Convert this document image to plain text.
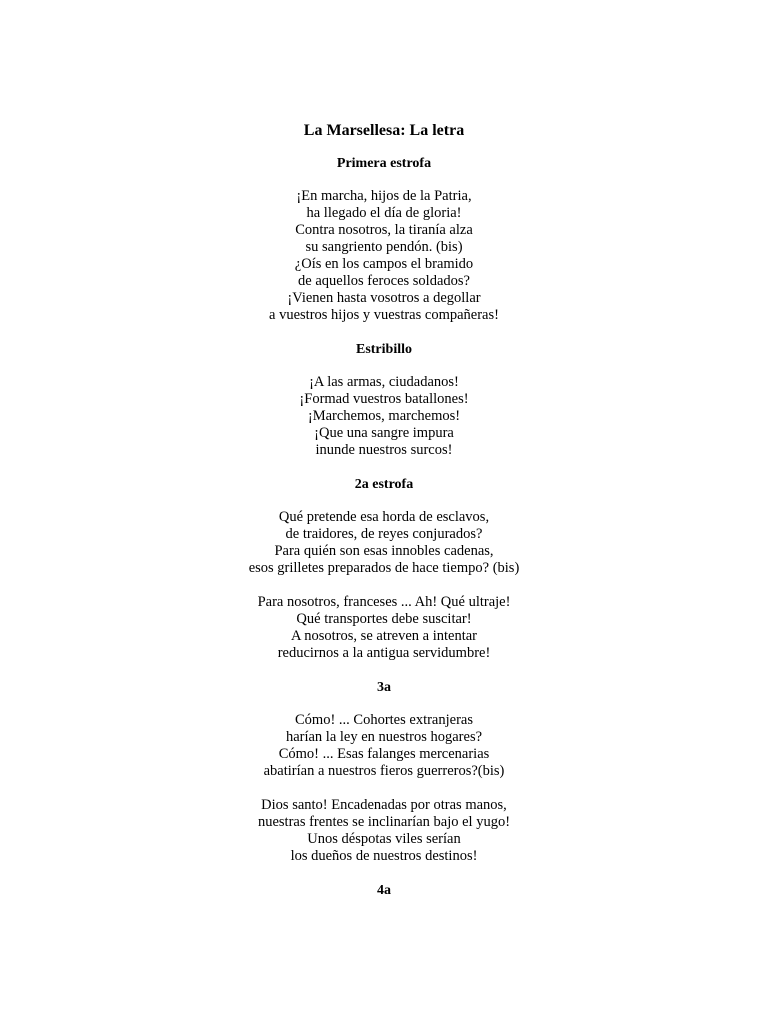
La Marsellesa: La letra
Primera estrofa
¡En marcha, hijos de la Patria,
ha llegado el día de gloria!
Contra nosotros, la tiranía alza
su sangriento pendón. (bis)
¿Oís en los campos el bramido
de aquellos feroces soldados?
¡Vienen hasta vosotros a degollar
a vuestros hijos y vuestras compañeras!
Estribillo
¡A las armas, ciudadanos!
¡Formad vuestros batallones!
¡Marchemos, marchemos!
¡Que una sangre impura
inunde nuestros surcos!
2a estrofa
Qué pretende esa horda de esclavos,
de traidores, de reyes conjurados?
Para quién son esas innobles cadenas,
esos grilletes preparados de hace tiempo? (bis)
Para nosotros, franceses ... Ah! Qué ultraje!
Qué transportes debe suscitar!
A nosotros, se atreven a intentar
reducirnos a la antigua servidumbre!
3a
Cómo! ... Cohortes extranjeras
harían la ley en nuestros hogares?
Cómo! ... Esas falanges mercenarias
abatirían a nuestros fieros guerreros?(bis)
Dios santo! Encadenadas por otras manos,
nuestras frentes se inclinarían bajo el yugo!
Unos déspotas viles serían
los dueños de nuestros destinos!
4a
